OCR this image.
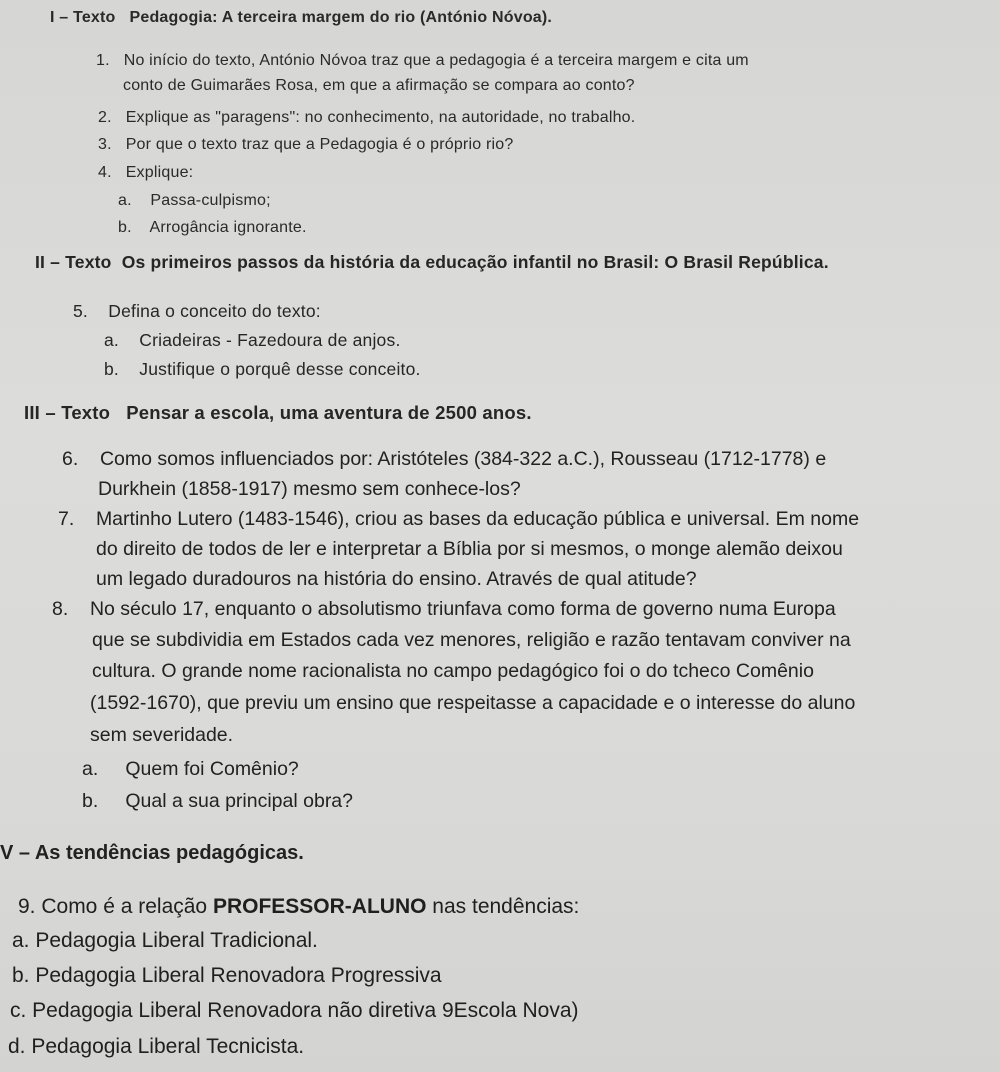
I – Texto Pedagogia: A terceira margem do rio (António Nóvoa).
1. No início do texto, António Nóvoa traz que a pedagogia é a terceira margem e cita um
conto de Guimarães Rosa, em que a afirmação se compara ao conto?
2. Explique as "paragens": no conhecimento, na autoridade, no trabalho.
3. Por que o texto traz que a Pedagogia é o próprio rio?
4. Explique:
a. Passa-culpismo;
b. Arrogância ignorante.
II – Texto Os primeiros passos da história da educação infantil no Brasil: O Brasil República.
5. Defina o conceito do texto:
a. Criadeiras - Fazedoura de anjos.
b. Justifique o porquê desse conceito.
III – Texto Pensar a escola, uma aventura de 2500 anos.
6. Como somos influenciados por: Aristóteles (384-322 a.C.), Rousseau (1712-1778) e
Durkhein (1858-1917) mesmo sem conhece-los?
7. Martinho Lutero (1483-1546), criou as bases da educação pública e universal. Em nome
do direito de todos de ler e interpretar a Bíblia por si mesmos, o monge alemão deixou
um legado duradouros na história do ensino. Através de qual atitude?
8. No século 17, enquanto o absolutismo triunfava como forma de governo numa Europa
que se subdividia em Estados cada vez menores, religião e razão tentavam conviver na
cultura. O grande nome racionalista no campo pedagógico foi o do tcheco Comênio
(1592-1670), que previu um ensino que respeitasse a capacidade e o interesse do aluno
sem severidade.
a. Quem foi Comênio?
b. Qual a sua principal obra?
V – As tendências pedagógicas.
9. Como é a relação PROFESSOR-ALUNO nas tendências:
a. Pedagogia Liberal Tradicional.
b. Pedagogia Liberal Renovadora Progressiva
c. Pedagogia Liberal Renovadora não diretiva 9Escola Nova)
d. Pedagogia Liberal Tecnicista.
